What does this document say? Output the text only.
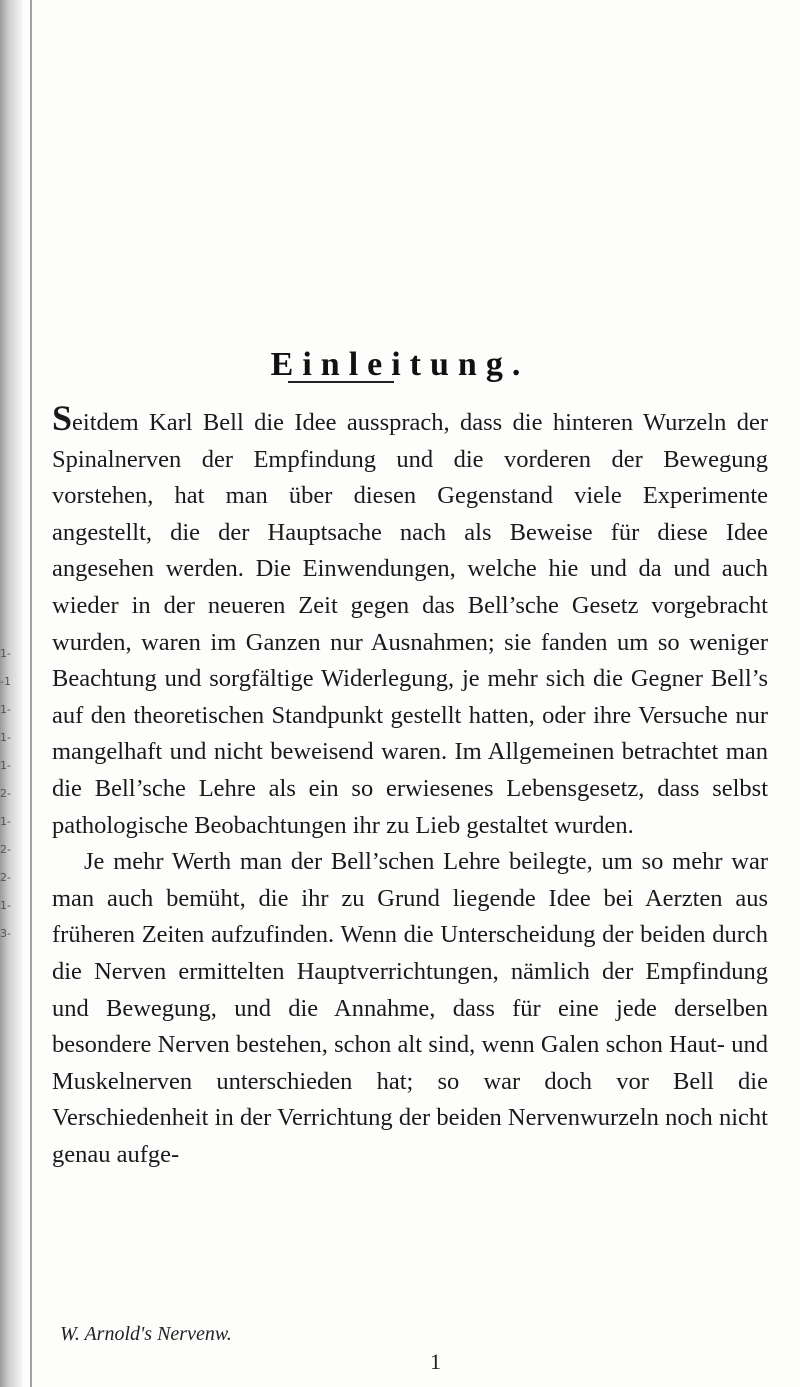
1-
-1
1-
1-
1-
2-
1-
2-
2-
1-
3-
Einleitung.

Seitdem Karl Bell die Idee aussprach, dass die hinteren Wurzeln der Spinalnerven der Empfindung und die vorderen der Bewegung vorstehen, hat man über diesen Gegenstand viele Experimente angestellt, die der Hauptsache nach als Beweise für diese Idee angesehen werden. Die Einwendungen, welche hie und da und auch wieder in der neueren Zeit gegen das Bell’sche Gesetz vorgebracht wurden, waren im Ganzen nur Ausnahmen; sie fanden um so weniger Beachtung und sorgfältige Widerlegung, je mehr sich die Gegner Bell’s auf den theoretischen Standpunkt gestellt hatten, oder ihre Versuche nur mangelhaft und nicht beweisend waren. Im Allgemeinen betrachtet man die Bell’sche Lehre als ein so erwiesenes Lebensgesetz, dass selbst pathologische Beobachtungen ihr zu Lieb gestaltet wurden.

Je mehr Werth man der Bell’schen Lehre beilegte, um so mehr war man auch bemüht, die ihr zu Grund liegende Idee bei Aerzten aus früheren Zeiten aufzufinden. Wenn die Unterscheidung der beiden durch die Nerven ermittelten Hauptverrichtungen, nämlich der Empfindung und Bewegung, und die Annahme, dass für eine jede derselben besondere Nerven bestehen, schon alt sind, wenn Galen schon Haut- und Muskelnerven unterschieden hat; so war doch vor Bell die Verschiedenheit in der Verrichtung der beiden Nervenwurzeln noch nicht genau aufge-

W. Arnold's Nervenw.
1
